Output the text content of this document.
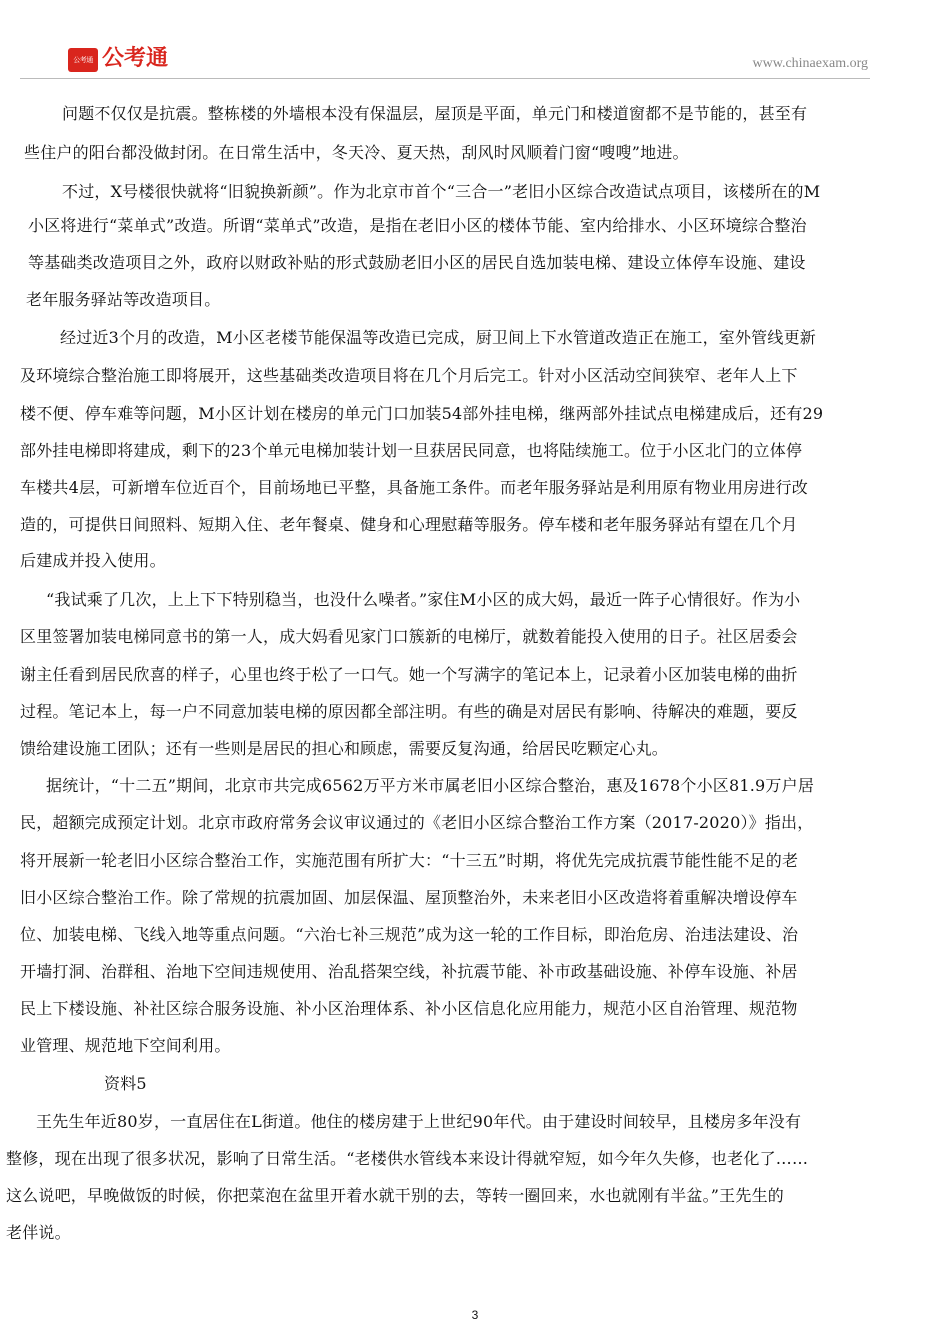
公考通 公考通	www.chinaexam.org
问题不仅仅是抗震。整栋楼的外墙根本没有保温层，屋顶是平面，单元门和楼道窗都不是节能的，甚至有
些住户的阳台都没做封闭。在日常生活中，冬天冷、夏天热，刮风时风顺着门窗“嗖嗖”地进。
不过，X号楼很快就将“旧貌换新颜”。作为北京市首个“三合一”老旧小区综合改造试点项目，该楼所在的M
小区将进行“菜单式”改造。所谓“菜单式”改造，是指在老旧小区的楼体节能、室内给排水、小区环境综合整治
等基础类改造项目之外，政府以财政补贴的形式鼓励老旧小区的居民自选加装电梯、建设立体停车设施、建设
老年服务驿站等改造项目。
经过近3个月的改造，M小区老楼节能保温等改造已完成，厨卫间上下水管道改造正在施工，室外管线更新
及环境综合整治施工即将展开，这些基础类改造项目将在几个月后完工。针对小区活动空间狭窄、老年人上下
楼不便、停车难等问题，M小区计划在楼房的单元门口加装54部外挂电梯，继两部外挂试点电梯建成后，还有29
部外挂电梯即将建成，剩下的23个单元电梯加装计划一旦获居民同意，也将陆续施工。位于小区北门的立体停
车楼共4层，可新增车位近百个，目前场地已平整，具备施工条件。而老年服务驿站是利用原有物业用房进行改
造的，可提供日间照料、短期入住、老年餐桌、健身和心理慰藉等服务。停车楼和老年服务驿站有望在几个月
后建成并投入使用。
“我试乘了几次，上上下下特别稳当，也没什么噪者。”家住M小区的成大妈，最近一阵子心情很好。作为小
区里签署加装电梯同意书的第一人，成大妈看见家门口簇新的电梯厅，就数着能投入使用的日子。社区居委会
谢主任看到居民欣喜的样子，心里也终于松了一口气。她一个写满字的笔记本上，记录着小区加装电梯的曲折
过程。笔记本上，每一户不同意加装电梯的原因都全部注明。有些的确是对居民有影响、待解决的难题，要反
馈给建设施工团队；还有一些则是居民的担心和顾虑，需要反复沟通，给居民吃颗定心丸。
据统计，“十二五”期间，北京市共完成6562万平方米市属老旧小区综合整治，惠及1678个小区81.9万户居
民，超额完成预定计划。北京市政府常务会议审议通过的《老旧小区综合整治工作方案（2017-2020）》指出，
将开展新一轮老旧小区综合整治工作，实施范围有所扩大：“十三五”时期，将优先完成抗震节能性能不足的老
旧小区综合整治工作。除了常规的抗震加固、加层保温、屋顶整治外，未来老旧小区改造将着重解决增设停车
位、加装电梯、飞线入地等重点问题。“六治七补三规范”成为这一轮的工作目标，即治危房、治违法建设、治
开墙打洞、治群租、治地下空间违规使用、治乱搭架空线，补抗震节能、补市政基础设施、补停车设施、补居
民上下楼设施、补社区综合服务设施、补小区治理体系、补小区信息化应用能力，规范小区自治管理、规范物
业管理、规范地下空间利用。
资料5
王先生年近80岁，一直居住在L街道。他住的楼房建于上世纪90年代。由于建设时间较早，且楼房多年没有
整修，现在出现了很多状况，影响了日常生活。“老楼供水管线本来设计得就窄短，如今年久失修，也老化了……
这么说吧，早晚做饭的时候，你把菜泡在盆里开着水就干别的去，等转一圈回来，水也就刚有半盆。”王先生的
老伴说。
3
